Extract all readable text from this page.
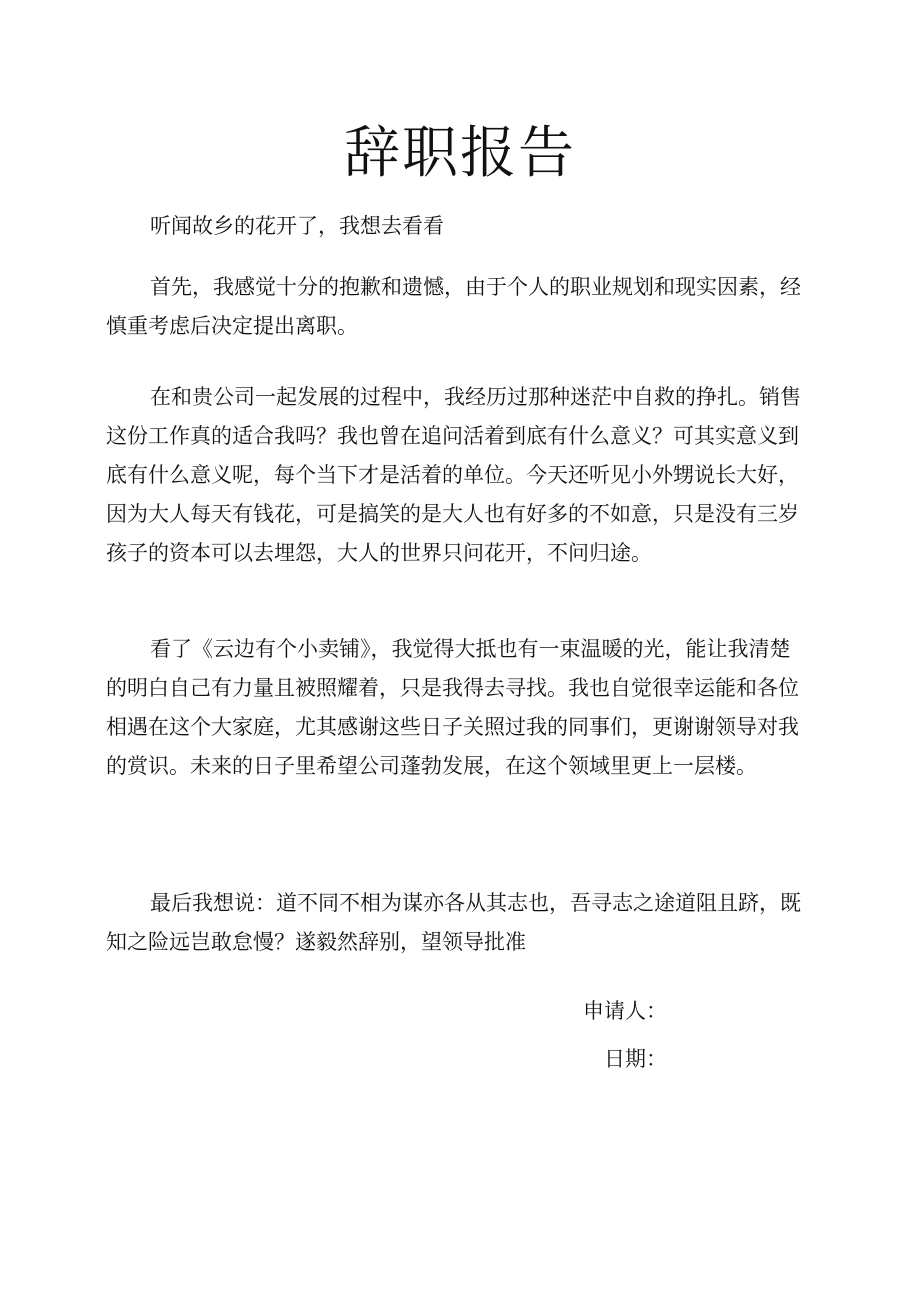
辞职报告

听闻故乡的花开了，我想去看看

首先，我感觉十分的抱歉和遗憾，由于个人的职业规划和现实因素，经慎重考虑后决定提出离职。

在和贵公司一起发展的过程中，我经历过那种迷茫中自救的挣扎。销售这份工作真的适合我吗？我也曾在追问活着到底有什么意义？可其实意义到底有什么意义呢，每个当下才是活着的单位。今天还听见小外甥说长大好，因为大人每天有钱花，可是搞笑的是大人也有好多的不如意，只是没有三岁孩子的资本可以去埋怨，大人的世界只问花开，不问归途。

看了《云边有个小卖铺》，我觉得大抵也有一束温暖的光，能让我清楚的明白自己有力量且被照耀着，只是我得去寻找。我也自觉很幸运能和各位相遇在这个大家庭，尤其感谢这些日子关照过我的同事们，更谢谢领导对我的赏识。未来的日子里希望公司蓬勃发展，在这个领域里更上一层楼。

最后我想说：道不同不相为谋亦各从其志也，吾寻志之途道阻且跻，既知之险远岂敢怠慢？遂毅然辞别，望领导批准

申请人：

日期：
